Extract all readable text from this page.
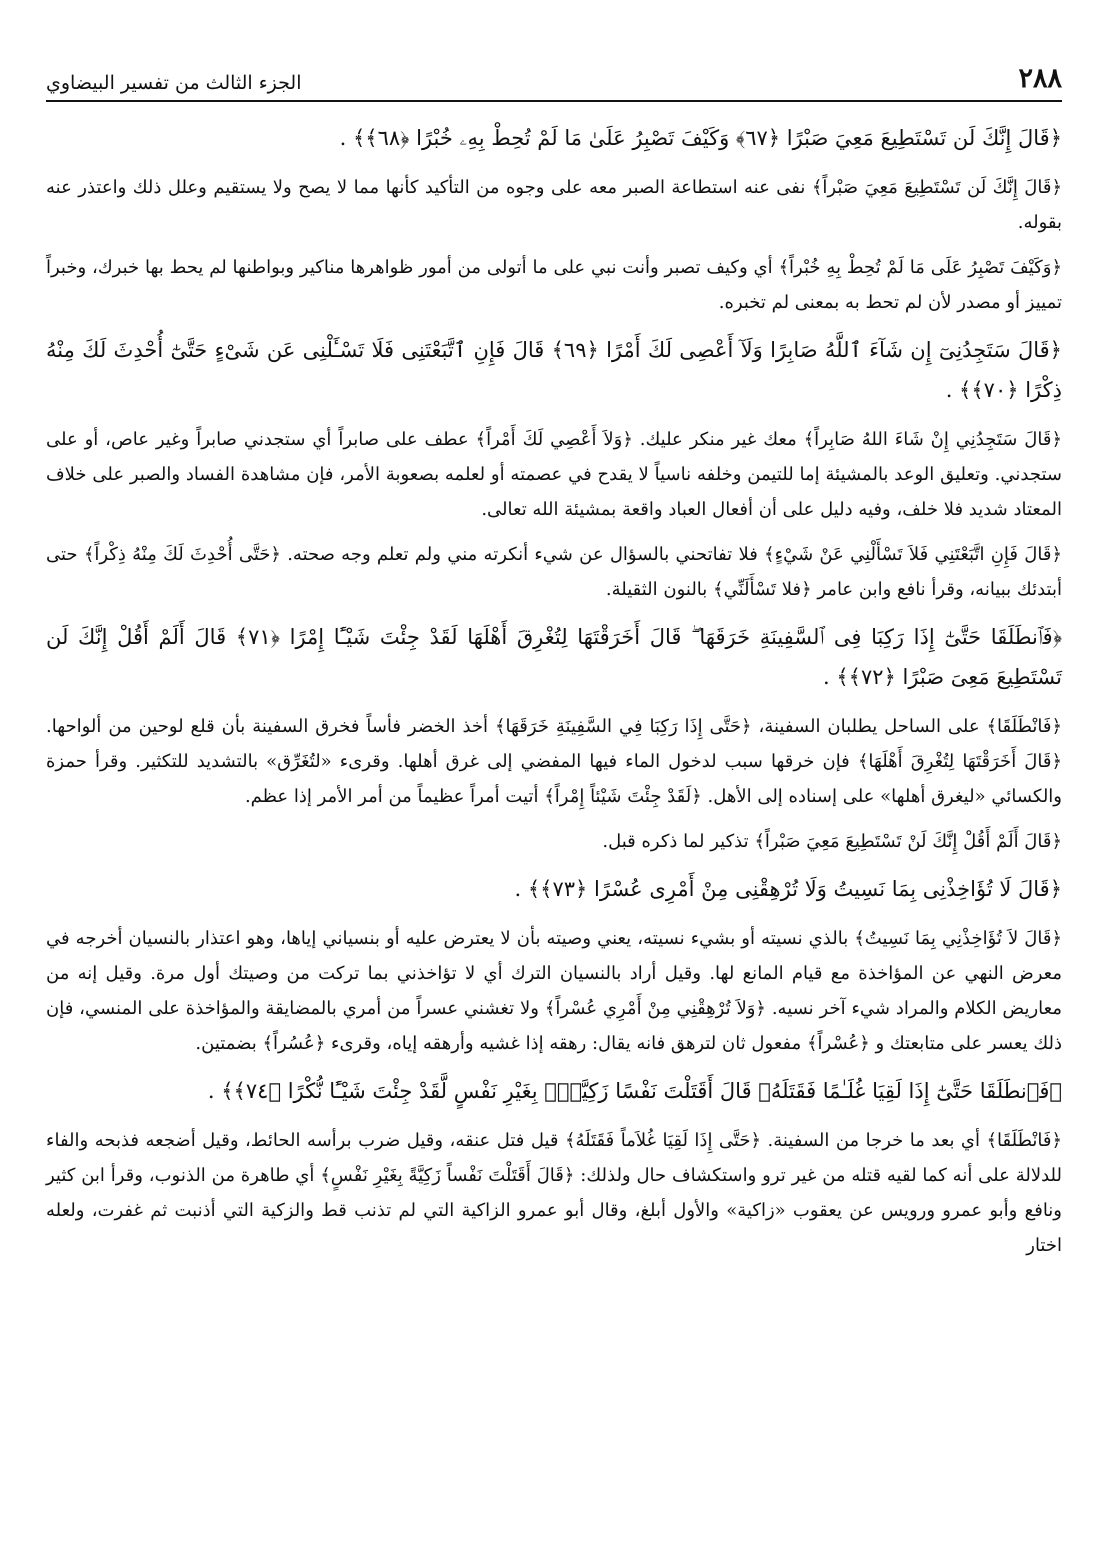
٢٨٨
الجزء الثالث من تفسير البيضاوي
﴿قَالَ إِنَّكَ لَن تَسْتَطِيعَ مَعِيَ صَبْرًا ﴿٦٧﴾ وَكَيْفَ تَصْبِرُ عَلَىٰ مَا لَمْ تُحِطْ بِهِۦ خُبْرًا ﴿٦٨﴾﴾ .
﴿قَالَ إِنَّكَ لَن تَسْتَطِيعَ مَعِيَ صَبْراً﴾ نفى عنه استطاعة الصبر معه على وجوه من التأكيد كأنها مما لا يصح ولا يستقيم وعلل ذلك واعتذر عنه بقوله.
﴿وَكَيْفَ تَصْبِرُ عَلَى مَا لَمْ تُحِطْ بِهِ خُبْراً﴾ أي وكيف تصبر وأنت نبي على ما أتولى من أمور ظواهرها مناكير وبواطنها لم يحط بها خبرك، وخبراً تمييز أو مصدر لأن لم تحط به بمعنى لم تخبره.
﴿قَالَ سَتَجِدُنِىٓ إِن شَآءَ ٱللَّهُ صَابِرًا وَلَآ أَعْصِى لَكَ أَمْرًا ﴿٦٩﴾ قَالَ فَإِنِ ٱتَّبَعْتَنِى فَلَا تَسْـَٔلْنِى عَن شَىْءٍ حَتَّىٰٓ أُحْدِثَ لَكَ مِنْهُ ذِكْرًا ﴿٧٠﴾﴾ .
﴿قَالَ سَتَجِدُنِي إِنْ شَاءَ اللهُ صَابِراً﴾ معك غير منكر عليك. ﴿وَلاَ أَعْصِي لَكَ أَمْراً﴾ عطف على صابراً أي ستجدني صابراً وغير عاص، أو على ستجدني. وتعليق الوعد بالمشيئة إما للتيمن وخلفه ناسياً لا يقدح في عصمته أو لعلمه بصعوبة الأمر، فإن مشاهدة الفساد والصبر على خلاف المعتاد شديد فلا خلف، وفيه دليل على أن أفعال العباد واقعة بمشيئة الله تعالى.
﴿قَالَ فَإِنِ اتَّبَعْتَنِي فَلاَ تَسْأَلْنِي عَنْ شَيْءٍ﴾ فلا تفاتحني بالسؤال عن شيء أنكرته مني ولم تعلم وجه صحته. ﴿حَتَّى أُحْدِثَ لَكَ مِنْهُ ذِكْراً﴾ حتى أبتدئك ببيانه، وقرأ نافع وابن عامر ﴿فلا تَسْأَلَنِّي﴾ بالنون الثقيلة.
﴿فَٱنطَلَقَا حَتَّىٰٓ إِذَا رَكِبَا فِى ٱلسَّفِينَةِ خَرَقَهَا ۖ قَالَ أَخَرَقْتَهَا لِتُغْرِقَ أَهْلَهَا لَقَدْ جِئْتَ شَيْـًٔا إِمْرًا ﴿٧١﴾ قَالَ أَلَمْ أَقُلْ إِنَّكَ لَن تَسْتَطِيعَ مَعِىَ صَبْرًا ﴿٧٢﴾﴾ .
﴿فَانْطَلَقَا﴾ على الساحل يطلبان السفينة، ﴿حَتَّى إِذَا رَكِبَا فِي السَّفِينَةِ خَرَقَهَا﴾ أخذ الخضر فأساً فخرق السفينة بأن قلع لوحين من ألواحها. ﴿قَالَ أَخَرَقْتَهَا لِتُغْرِقَ أَهْلَهَا﴾ فإن خرقها سبب لدخول الماء فيها المفضي إلى غرق أهلها. وقرىء «لتُغَرِّق» بالتشديد للتكثير. وقرأ حمزة والكسائي «ليغرق أهلها» على إسناده إلى الأهل. ﴿لَقَدْ جِئْتَ شَيْئاً إِمْراً﴾ أتيت أمراً عظيماً من أمر الأمر إذا عظم.
﴿قَالَ أَلَمْ أَقُلْ إِنَّكَ لَنْ تَسْتَطِيعَ مَعِيَ صَبْراً﴾ تذكير لما ذكره قبل.
﴿قَالَ لَا تُؤَاخِذْنِى بِمَا نَسِيتُ وَلَا تُرْهِقْنِى مِنْ أَمْرِى عُسْرًا ﴿٧٣﴾﴾ .
﴿قَالَ لاَ تُؤَاخِذْنِي بِمَا نَسِيتُ﴾ بالذي نسيته أو بشيء نسيته، يعني وصيته بأن لا يعترض عليه أو بنسياني إياها، وهو اعتذار بالنسيان أخرجه في معرض النهي عن المؤاخذة مع قيام المانع لها. وقيل أراد بالنسيان الترك أي لا تؤاخذني بما تركت من وصيتك أول مرة. وقيل إنه من معاريض الكلام والمراد شيء آخر نسيه. ﴿وَلاَ تُرْهِقْنِي مِنْ أَمْرِي عُسْراً﴾ ولا تغشني عسراً من أمري بالمضايقة والمؤاخذة على المنسي، فإن ذلك يعسر على متابعتك و ﴿عُسْراً﴾ مفعول ثان لترهق فانه يقال: رهقه إذا غشيه وأرهقه إياه، وقرىء ﴿عُسُراً﴾ بضمتين.
﴿فَٱنطَلَقَا حَتَّىٰٓ إِذَا لَقِيَا غُلَـٰمًا فَقَتَلَهُۥ قَالَ أَقَتَلْتَ نَفْسًا زَكِيَّةًۢ بِغَيْرِ نَفْسٍ لَّقَدْ جِئْتَ شَيْـًٔا نُّكْرًا ﴿٧٤﴾﴾ .
﴿فَانْطَلَقَا﴾ أي بعد ما خرجا من السفينة. ﴿حَتَّى إِذَا لَقِيَا غُلاَماً فَقَتَلَهُ﴾ قيل فتل عنقه، وقيل ضرب برأسه الحائط، وقيل أضجعه فذبحه والفاء للدلالة على أنه كما لقيه قتله من غير ترو واستكشاف حال ولذلك: ﴿قَالَ أَقَتَلْتَ نَفْساً زَكِيَّةً بِغَيْرِ نَفْسٍ﴾ أي طاهرة من الذنوب، وقرأ ابن كثير ونافع وأبو عمرو ورويس عن يعقوب «زاكية» والأول أبلغ، وقال أبو عمرو الزاكية التي لم تذنب قط والزكية التي أذنبت ثم غفرت، ولعله اختار
